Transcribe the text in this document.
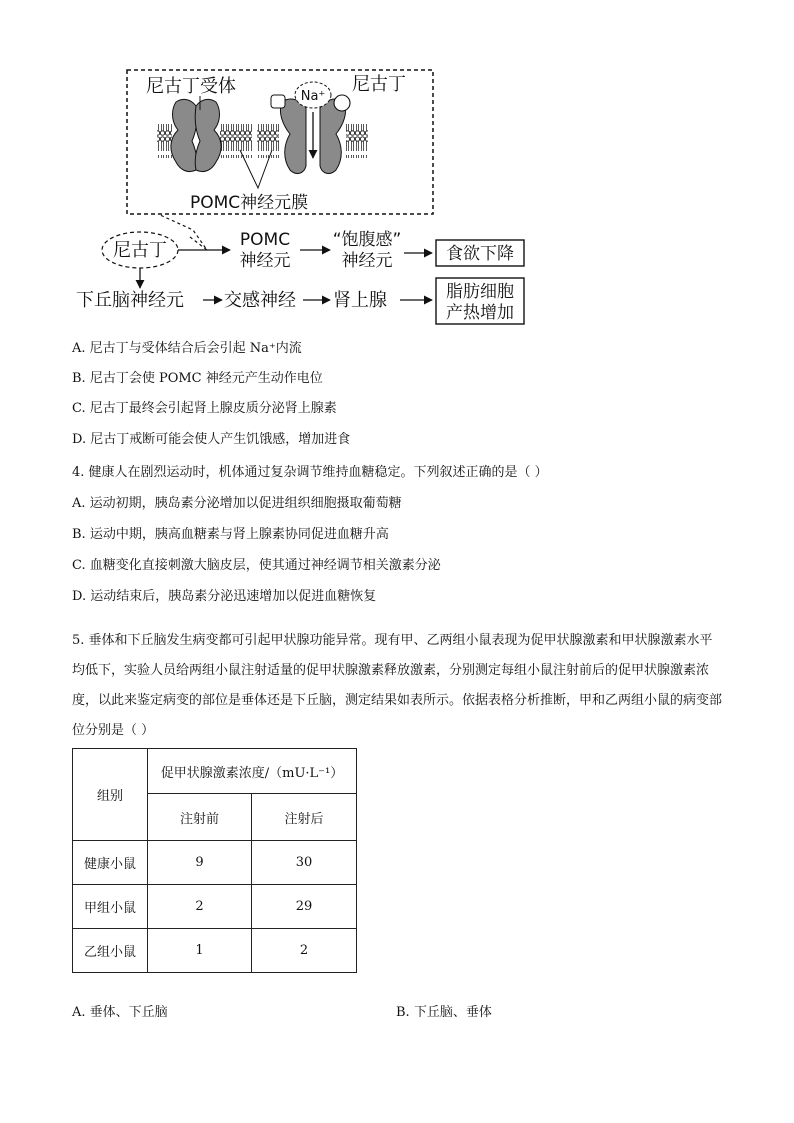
Na⁺
尼古丁受体	尼古丁
POMC神经元膜
尼古丁	POMC
神经元
“饱腹感”
神经元	食欲下降
下丘脑神经元 交感神经 肾上腺	脂肪细胞
产热增加
A. 尼古丁与受体结合后会引起 Na⁺内流
B. 尼古丁会使 POMC 神经元产生动作电位
C. 尼古丁最终会引起肾上腺皮质分泌肾上腺素
D. 尼古丁戒断可能会使人产生饥饿感，增加进食
4. 健康人在剧烈运动时，机体通过复杂调节维持血糖稳定。下列叙述正确的是（ ）
A. 运动初期，胰岛素分泌增加以促进组织细胞摄取葡萄糖
B. 运动中期，胰高血糖素与肾上腺素协同促进血糖升高
C. 血糖变化直接刺激大脑皮层，使其通过神经调节相关激素分泌
D. 运动结束后，胰岛素分泌迅速增加以促进血糖恢复
5. 垂体和下丘脑发生病变都可引起甲状腺功能异常。现有甲、乙两组小鼠表现为促甲状腺激素和甲状腺激素水平均低下，实验人员给两组小鼠注射适量的促甲状腺激素释放激素，分别测定每组小鼠注射前后的促甲状腺激素浓度，以此来鉴定病变的部位是垂体还是下丘脑，测定结果如表所示。依据表格分析推断，甲和乙两组小鼠的病变部位分别是（ ）
组别	促甲状腺激素浓度/（mU·L⁻¹）	
	注射前	注射后
健康小鼠	9	30
甲组小鼠	2	29
乙组小鼠	1	2
A. 垂体、下丘脑	B. 下丘脑、垂体
